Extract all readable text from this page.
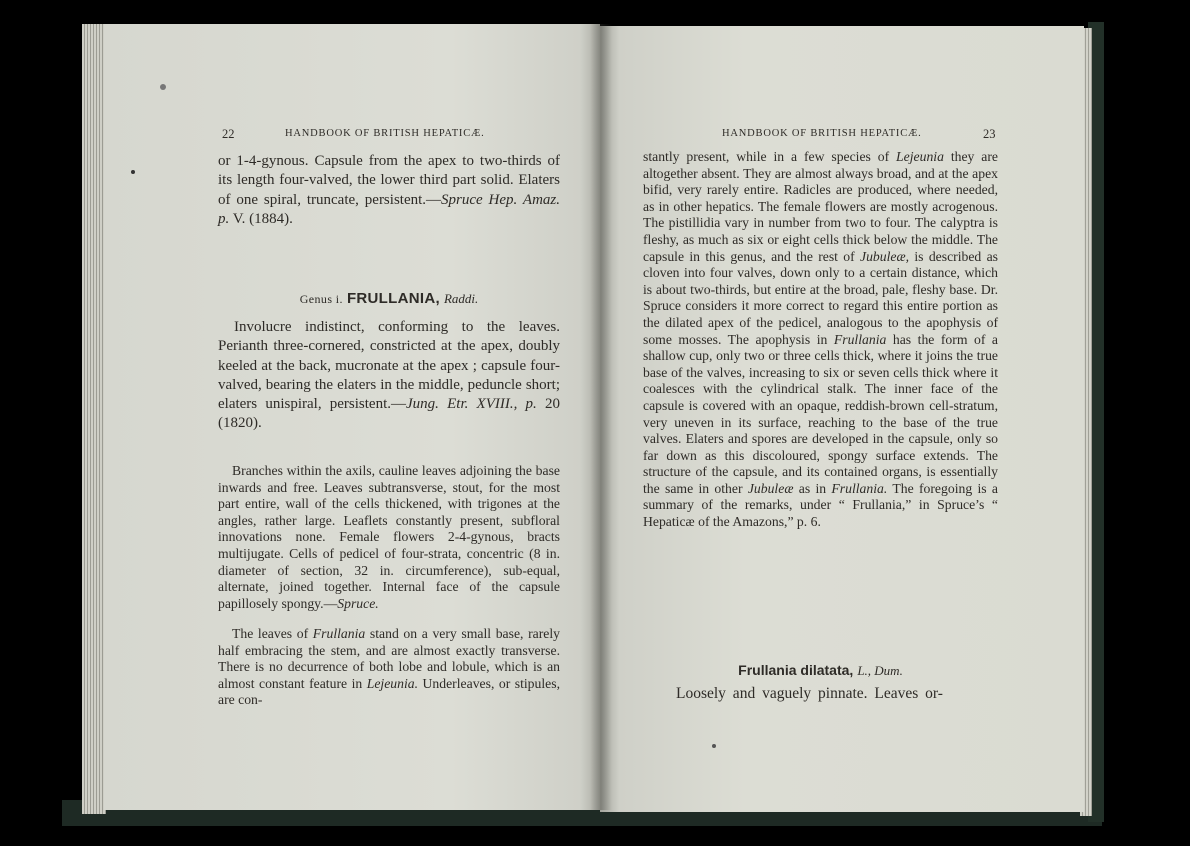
22	HANDBOOK OF BRITISH HEPATICÆ.

or 1-4-gynous. Capsule from the apex to two-thirds of its length four-valved, the lower third part solid. Elaters of one spiral, truncate, persistent.—Spruce Hep. Amaz. p. V. (1884).

Genus i. FRULLANIA, Raddi.

Involucre indistinct, conforming to the leaves. Perianth three-cornered, constricted at the apex, doubly keeled at the back, mucronate at the apex ; capsule four-valved, bearing the elaters in the middle, peduncle short; elaters unispiral, persistent.—Jung. Etr. XVIII., p. 20 (1820).

Branches within the axils, cauline leaves adjoining the base inwards and free. Leaves subtransverse, stout, for the most part entire, wall of the cells thickened, with trigones at the angles, rather large. Leaflets constantly present, subfloral innovations none. Female flowers 2-4-gynous, bracts multijugate. Cells of pedicel of four-strata, concentric (8 in. diameter of section, 32 in. circumference), sub-equal, alternate, joined together. Internal face of the capsule papillosely spongy.—Spruce.

The leaves of Frullania stand on a very small base, rarely half embracing the stem, and are almost exactly transverse. There is no decurrence of both lobe and lobule, which is an almost constant feature in Lejeunia. Underleaves, or stipules, are con-

HANDBOOK OF BRITISH HEPATICÆ.	23

stantly present, while in a few species of Lejeunia they are altogether absent. They are almost always broad, and at the apex bifid, very rarely entire. Radicles are produced, where needed, as in other hepatics. The female flowers are mostly acrogenous. The pistillidia vary in number from two to four. The calyptra is fleshy, as much as six or eight cells thick below the middle. The capsule in this genus, and the rest of Jubuleæ, is described as cloven into four valves, down only to a certain distance, which is about two-thirds, but entire at the broad, pale, fleshy base. Dr. Spruce considers it more correct to regard this entire portion as the dilated apex of the pedicel, analogous to the apophysis of some mosses. The apophysis in Frullania has the form of a shallow cup, only two or three cells thick, where it joins the true base of the valves, increasing to six or seven cells thick where it coalesces with the cylindrical stalk. The inner face of the capsule is covered with an opaque, reddish-brown cell-stratum, very uneven in its surface, reaching to the base of the true valves. Elaters and spores are developed in the capsule, only so far down as this discoloured, spongy surface extends. The structure of the capsule, and its contained organs, is essentially the same in other Jubuleæ as in Frullania. The foregoing is a summary of the remarks, under “ Frullania,” in Spruce’s “ Hepaticæ of the Amazons,” p. 6.

Frullania dilatata, L., Dum.

Loosely and vaguely pinnate. Leaves or-
